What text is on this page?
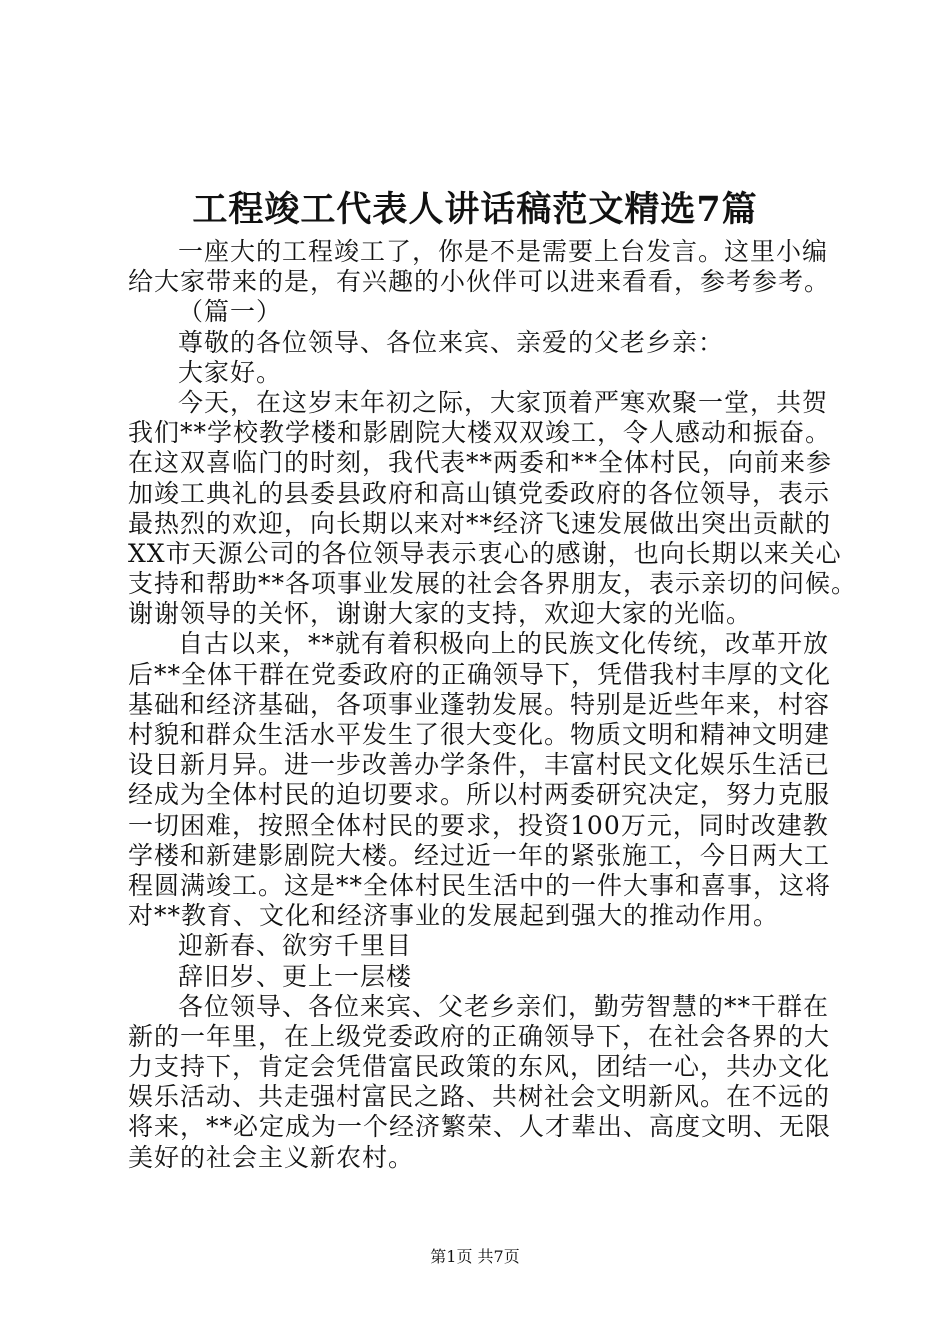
工程竣工代表人讲话稿范文精选7篇
一座大的工程竣工了，你是不是需要上台发言。这里小编
给大家带来的是，有兴趣的小伙伴可以进来看看，参考参考。
（篇一）
尊敬的各位领导、各位来宾、亲爱的父老乡亲：
大家好。
今天，在这岁末年初之际，大家顶着严寒欢聚一堂，共贺
我们**学校教学楼和影剧院大楼双双竣工，令人感动和振奋。
在这双喜临门的时刻，我代表**两委和**全体村民，向前来参
加竣工典礼的县委县政府和高山镇党委政府的各位领导，表示
最热烈的欢迎，向长期以来对**经济飞速发展做出突出贡献的
XX市天源公司的各位领导表示衷心的感谢，也向长期以来关心
支持和帮助**各项事业发展的社会各界朋友，表示亲切的问候。
谢谢领导的关怀，谢谢大家的支持，欢迎大家的光临。
自古以来，**就有着积极向上的民族文化传统，改革开放
后**全体干群在党委政府的正确领导下，凭借我村丰厚的文化
基础和经济基础，各项事业蓬勃发展。特别是近些年来，村容
村貌和群众生活水平发生了很大变化。物质文明和精神文明建
设日新月异。进一步改善办学条件，丰富村民文化娱乐生活已
经成为全体村民的迫切要求。所以村两委研究决定，努力克服
一切困难，按照全体村民的要求，投资100万元，同时改建教
学楼和新建影剧院大楼。经过近一年的紧张施工，今日两大工
程圆满竣工。这是**全体村民生活中的一件大事和喜事，这将
对**教育、文化和经济事业的发展起到强大的推动作用。
迎新春、欲穷千里目
辞旧岁、更上一层楼
各位领导、各位来宾、父老乡亲们，勤劳智慧的**干群在
新的一年里，在上级党委政府的正确领导下，在社会各界的大
力支持下，肯定会凭借富民政策的东风，团结一心，共办文化
娱乐活动、共走强村富民之路、共树社会文明新风。在不远的
将来，**必定成为一个经济繁荣、人才辈出、高度文明、无限
美好的社会主义新农村。
第1页 共7页
